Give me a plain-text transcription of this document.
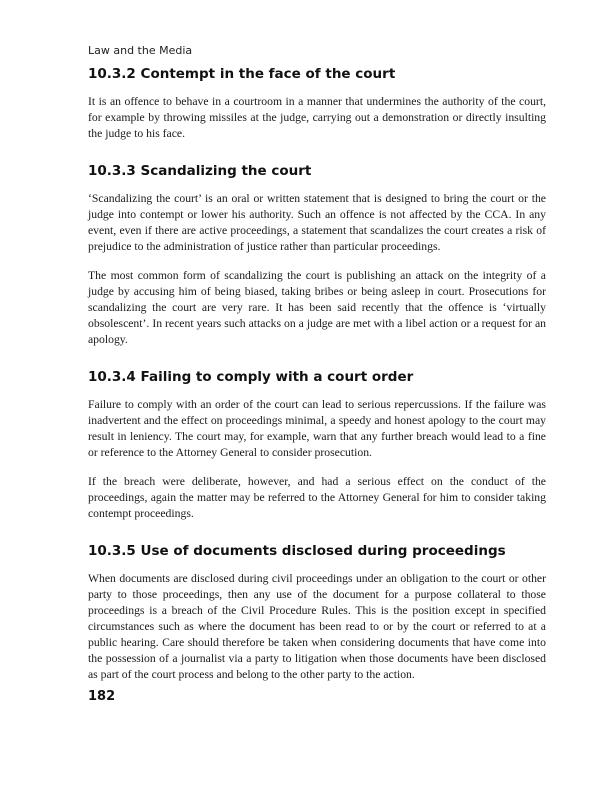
Law and the Media
10.3.2 Contempt in the face of the court

It is an offence to behave in a courtroom in a manner that undermines the authority of the court, for example by throwing missiles at the judge, carrying out a demonstration or directly insulting the judge to his face.

10.3.3 Scandalizing the court

‘Scandalizing the court’ is an oral or written statement that is designed to bring the court or the judge into contempt or lower his authority. Such an offence is not affected by the CCA. In any event, even if there are active proceedings, a statement that scandalizes the court creates a risk of prejudice to the administration of justice rather than particular proceedings.

The most common form of scandalizing the court is publishing an attack on the integrity of a judge by accusing him of being biased, taking bribes or being asleep in court. Prosecutions for scandalizing the court are very rare. It has been said recently that the offence is ‘virtually obsolescent’. In recent years such attacks on a judge are met with a libel action or a request for an apology.

10.3.4 Failing to comply with a court order

Failure to comply with an order of the court can lead to serious repercussions. If the failure was inadvertent and the effect on proceedings minimal, a speedy and honest apology to the court may result in leniency. The court may, for example, warn that any further breach would lead to a fine or reference to the Attorney General to consider prosecution.

If the breach were deliberate, however, and had a serious effect on the conduct of the proceedings, again the matter may be referred to the Attorney General for him to consider taking contempt proceedings.

10.3.5 Use of documents disclosed during proceedings

When documents are disclosed during civil proceedings under an obligation to the court or other party to those proceedings, then any use of the document for a purpose collateral to those proceedings is a breach of the Civil Procedure Rules. This is the position except in specified circumstances such as where the document has been read to or by the court or referred to at a public hearing. Care should therefore be taken when considering documents that have come into the possession of a journalist via a party to litigation when those documents have been disclosed as part of the court process and belong to the other party to the action.

182
